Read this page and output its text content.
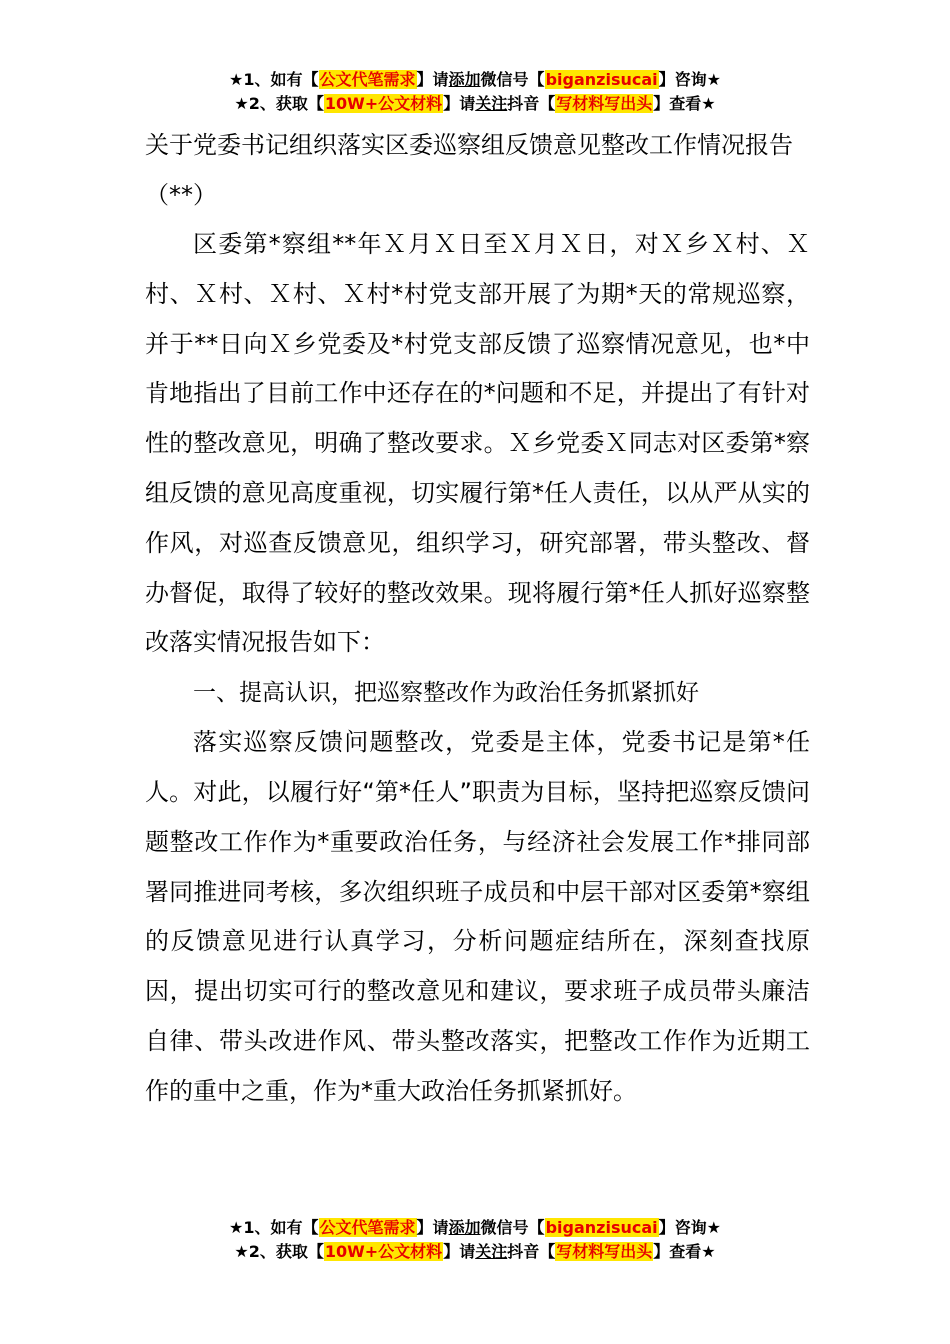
★1、如有【公文代笔需求】请添加微信号【biganzisucai】咨询★
★2、获取【10W+公文材料】请关注抖音【写材料写出头】查看★

关于党委书记组织落实区委巡察组反馈意见整改工作情况报告（**）

区委第*察组**年Ｘ月Ｘ日至Ｘ月Ｘ日，对Ｘ乡Ｘ村、Ｘ村、Ｘ村、Ｘ村、Ｘ村*村党支部开展了为期*天的常规巡察，并于**日向Ｘ乡党委及*村党支部反馈了巡察情况意见，也*中肯地指出了目前工作中还存在的*问题和不足，并提出了有针对性的整改意见，明确了整改要求。Ｘ乡党委Ｘ同志对区委第*察组反馈的意见高度重视，切实履行第*任人责任，以从严从实的作风，对巡查反馈意见，组织学习，研究部署，带头整改、督办督促，取得了较好的整改效果。现将履行第*任人抓好巡察整改落实情况报告如下：

一、提高认识，把巡察整改作为政治任务抓紧抓好

落实巡察反馈问题整改，党委是主体，党委书记是第*任人。对此，以履行好“第*任人”职责为目标，坚持把巡察反馈问题整改工作作为*重要政治任务，与经济社会发展工作*排同部署同推进同考核，多次组织班子成员和中层干部对区委第*察组的反馈意见进行认真学习，分析问题症结所在，深刻查找原因，提出切实可行的整改意见和建议，要求班子成员带头廉洁自律、带头改进作风、带头整改落实，把整改工作作为近期工作的重中之重，作为*重大政治任务抓紧抓好。

★1、如有【公文代笔需求】请添加微信号【biganzisucai】咨询★
★2、获取【10W+公文材料】请关注抖音【写材料写出头】查看★
